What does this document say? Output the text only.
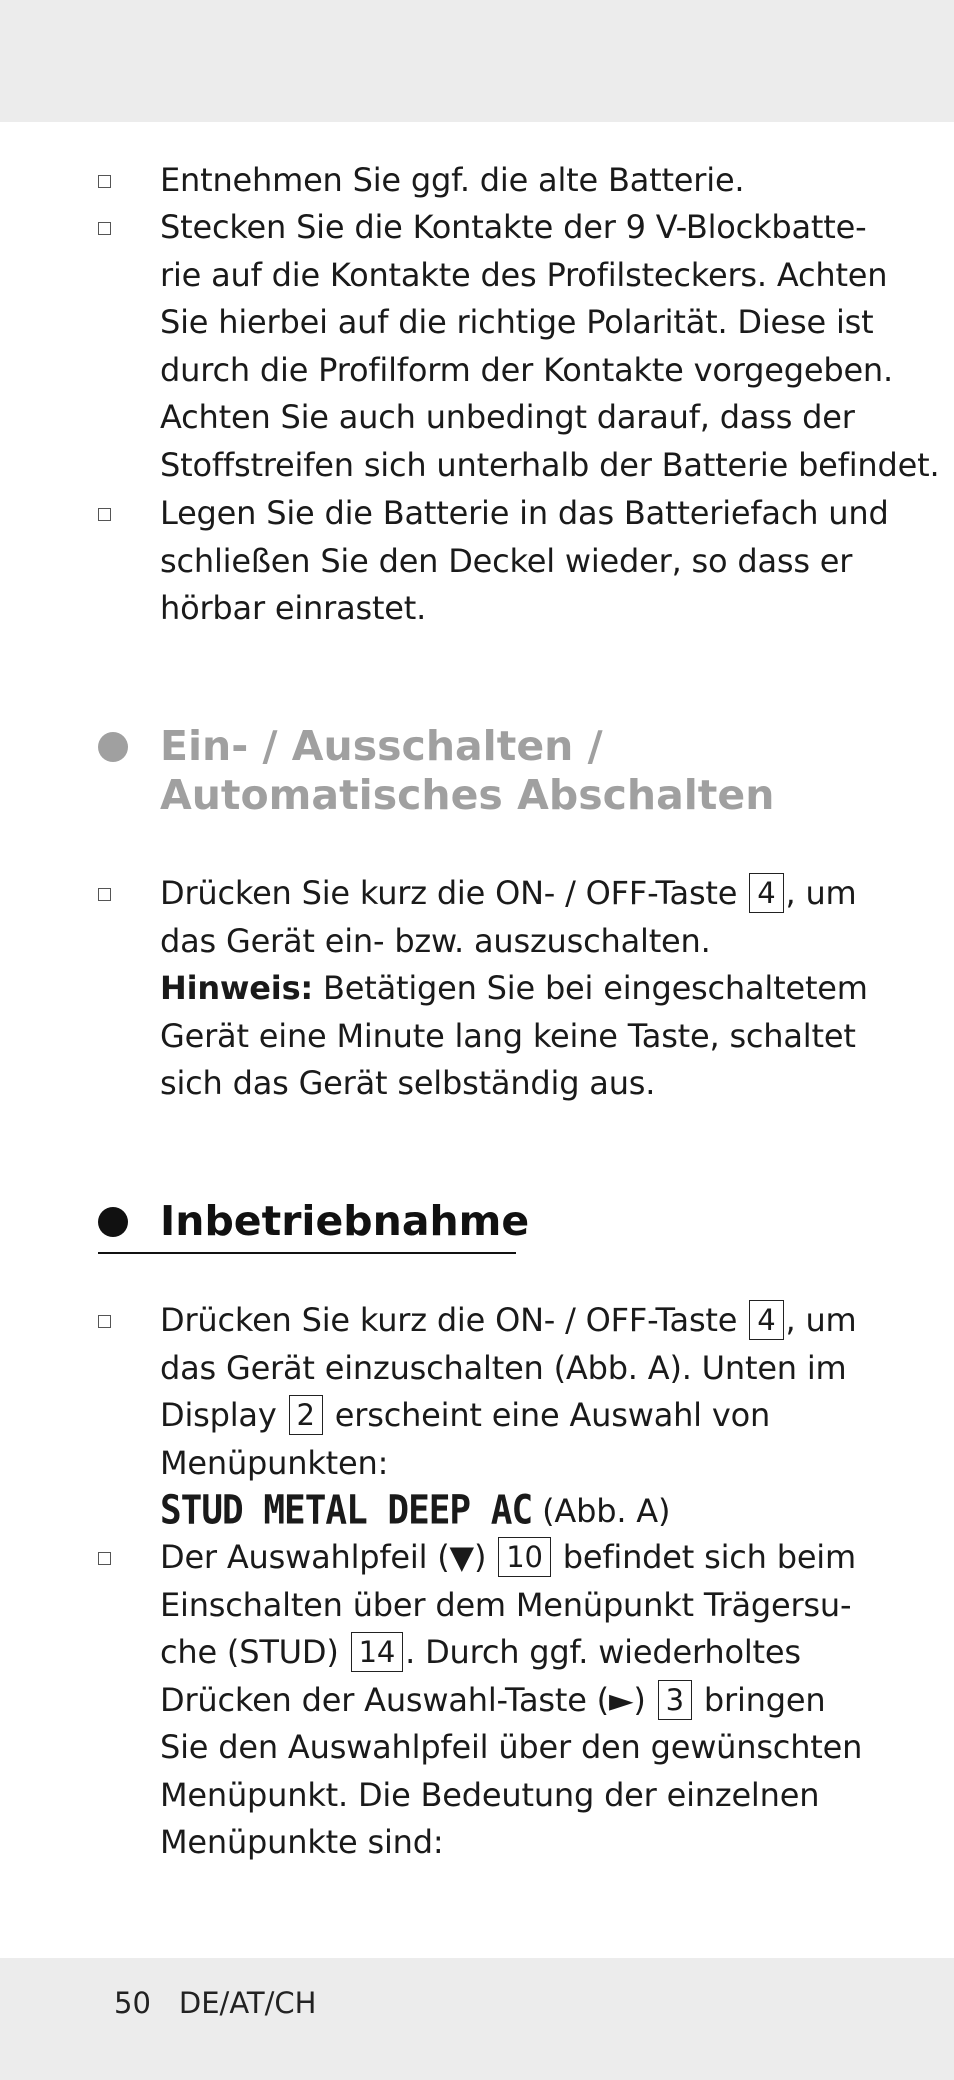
Entnehmen Sie ggf. die alte Batterie.
Stecken Sie die Kontakte der 9 V-Blockbatte-
rie auf die Kontakte des Profilsteckers. Achten
Sie hierbei auf die richtige Polarität. Diese ist
durch die Profilform der Kontakte vorgegeben.
Achten Sie auch unbedingt darauf, dass der
Stoffstreifen sich unterhalb der Batterie befindet.
Legen Sie die Batterie in das Batteriefach und
schließen Sie den Deckel wieder, so dass er
hörbar einrastet.
Ein- / Ausschalten /
Automatisches Abschalten
Drücken Sie kurz die ON- / OFF-Taste 4 , um
das Gerät ein- bzw. auszuschalten.
Hinweis: Betätigen Sie bei eingeschaltetem
Gerät eine Minute lang keine Taste, schaltet
sich das Gerät selbständig aus.
Inbetriebnahme
Drücken Sie kurz die ON- / OFF-Taste 4 , um
das Gerät einzuschalten (Abb. A). Unten im
Display 2 erscheint eine Auswahl von
Menüpunkten:
STUD METAL DEEP AC (Abb. A)
Der Auswahlpfeil (▼) 10 befindet sich beim
Einschalten über dem Menüpunkt Trägersu-
che (STUD) 14 . Durch ggf. wiederholtes
Drücken der Auswahl-Taste (►) 3 bringen
Sie den Auswahlpfeil über den gewünschten
Menüpunkt. Die Bedeutung der einzelnen
Menüpunkte sind:
50 DE/AT/CH
